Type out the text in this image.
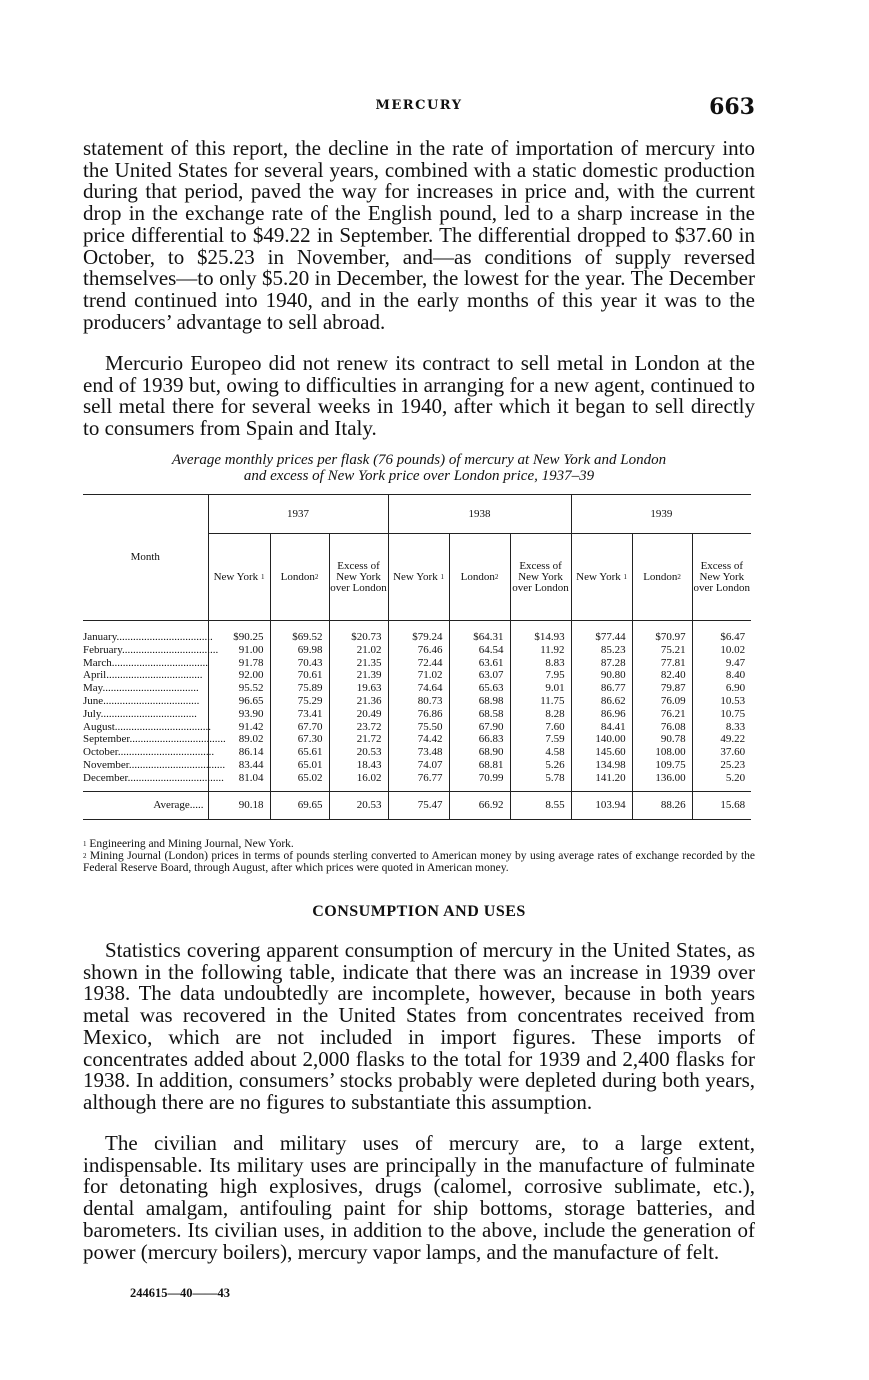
MERCURY	663

statement of this report, the decline in the rate of importation of mercury into the United States for several years, combined with a static domestic production during that period, paved the way for increases in price and, with the current drop in the exchange rate of the English pound, led to a sharp increase in the price differential to $49.22 in September. The differential dropped to $37.60 in October, to $25.23 in November, and—as conditions of supply reversed themselves—to only $5.20 in December, the lowest for the year. The December trend continued into 1940, and in the early months of this year it was to the producers’ advantage to sell abroad.

Mercurio Europeo did not renew its contract to sell metal in London at the end of 1939 but, owing to difficulties in arranging for a new agent, continued to sell metal there for several weeks in 1940, after which it began to sell directly to consumers from Spain and Italy.

Average monthly prices per flask (76 pounds) of mercury at New York and London
and excess of New York price over London price, 1937–39
Month	1937			1938			1939		
	New York $^1$	London$^2$	Excess of New York over London	New York $^1$	London$^2$	Excess of New York over London	New York $^1$	London$^2$	Excess of New York over London
January...................................	$90.25	$69.52	$20.73	$79.24	$64.31	$14.93	$77.44	$70.97	$6.47
February...................................	91.00	69.98	21.02	76.46	64.54	11.92	85.23	75.21	10.02
March...................................	91.78	70.43	21.35	72.44	63.61	8.83	87.28	77.81	9.47
April...................................	92.00	70.61	21.39	71.02	63.07	7.95	90.80	82.40	8.40
May...................................	95.52	75.89	19.63	74.64	65.63	9.01	86.77	79.87	6.90
June...................................	96.65	75.29	21.36	80.73	68.98	11.75	86.62	76.09	10.53
July...................................	93.90	73.41	20.49	76.86	68.58	8.28	86.96	76.21	10.75
August...................................	91.42	67.70	23.72	75.50	67.90	7.60	84.41	76.08	8.33
September...................................	89.02	67.30	21.72	74.42	66.83	7.59	140.00	90.78	49.22
October...................................	86.14	65.61	20.53	73.48	68.90	4.58	145.60	108.00	37.60
November...................................	83.44	65.01	18.43	74.07	68.81	5.26	134.98	109.75	25.23
December...................................	81.04	65.02	16.02	76.77	70.99	5.78	141.20	136.00	5.20
Average.....	90.18	69.65	20.53	75.47	66.92	8.55	103.94	88.26	15.68

$^1$ Engineering and Mining Journal, New York.

$^2$ Mining Journal (London) prices in terms of pounds sterling converted to American money by using average rates of exchange recorded by the Federal Reserve Board, through August, after which prices were quoted in American money.

CONSUMPTION AND USES

Statistics covering apparent consumption of mercury in the United States, as shown in the following table, indicate that there was an increase in 1939 over 1938. The data undoubtedly are incomplete, however, because in both years metal was recovered in the United States from concentrates received from Mexico, which are not included in import figures. These imports of concentrates added about 2,000 flasks to the total for 1939 and 2,400 flasks for 1938. In addition, consumers’ stocks probably were depleted during both years, although there are no figures to substantiate this assumption.

The civilian and military uses of mercury are, to a large extent, indispensable. Its military uses are principally in the manufacture of fulminate for detonating high explosives, drugs (calomel, corrosive sublimate, etc.), dental amalgam, antifouling paint for ship bottoms, storage batteries, and barometers. Its civilian uses, in addition to the above, include the generation of power (mercury boilers), mercury vapor lamps, and the manufacture of felt.

244615—40——43
